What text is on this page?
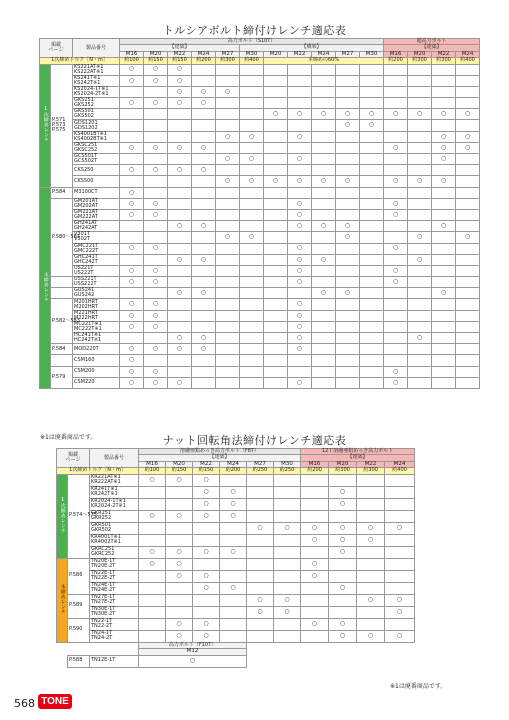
トルシアボルト締付けレンチ適応表
掲載
ページ		製品番号	高力ボルト（S10T）											超高力ボルト			
			【建築】					【橋梁】						【建築】			
			M16	M20	M22	M24	M27	M30	M20	M22	M24	M27	M30	M16	M20	M22	M24
1次締めトルク［N・m］			約100	約150	約150	約200	約300	約400	本締めの60%					約200	約300	約300	約400
1次締めレンチ	P.571
P.573
P.575	KS221AT※1
KS222AT※1	○	○	○												
		KS241T※1
KS242T※1	○	○	○												
		KS2024-1T※1
KS2024-2T※1			○	○	○										
		GKS251
GKS252	○	○	○	○											
		GKS501
GKS502							○	○	○	○	○	○	○	○	○
		GDS1201
GDS1202										○	○				
		KS4001BT※1
KS4002BT※1					○	○		○						○	○
		GKSC251
GKSC252	○	○	○	○								○		○	○
		GCS501T
GCS502T					○	○		○						○	
		CKS250	○	○	○	○											
		CKS500					○	○	○	○	○	○		○	○	○	
本締めレンチ	P.584	M3100CT	○														
	P.580〜581	GM201AT
GM202AT	○	○						○				○			
		GM221AT
GM222AT	○	○						○				○			
		GH241AT
GH242AT			○	○				○	○	○				○	
		V301T
V302T					○	○				○			○		○
		GMC221T
GMC222T	○	○						○				○			
		GHC241T
GHC242T			○	○				○	○				○		
		US221T
US222T	○	○						○				○			
		USS221T
USS222T	○	○						○				○			
		GUS241
GUS242			○	○					○	○				○	
	P.582〜583	M201HRT
M202HRT	○	○						○							
		M221HRT
M222HRT	○	○						○							
		MC221T※1
MC222T※1	○	○						○							
		HC241T※1
HC242T※1			○	○				○					○		
	P.584	MOD220T	○	○	○	○				○							
		CSM160	○														
	P.579	CSM200	○	○										○			
		CSM220	○	○	○					○				○			
※1は廃番商品です。	ナット回転角法締付けレンチ適応表
掲載
ページ		製品番号	溶融亜鉛めっき高力ボルト（F8T）						12Ｔ溶融亜鉛めっき高力ボルト			
			【建築】						【建築】			
			M16	M20	M22	M24	M27	M30	M16	M20	M22	M24
1次締めトルク［N・m］			約100	約150	約150	約200	約250	約250	約200	約300	約300	約400
1次締めレンチ	P.574〜575	KR221AT※1
KR222AT※1	○	○	○							
		KR241T※1
KR242T※1			○	○				○		
		KR2024-1T※1
KR2024-2T※1			○	○				○		
		GKR251
GKR252	○	○	○	○						
		GKR501
GKR502					○	○	○	○	○	○
		KR4001T※1
KR4002T※1							○	○	○	
		GKRC251
GKRC252	○	○	○	○				○		
本締めレンチ	P.586	TN20E-1T
TN20E-2T	○	○					○			
		TN22E-1T
TN22E-2T		○	○				○			
		TN24E-1T
TN24E-2T			○	○				○		
	P.589	TN27E-1T
TN27E-2T					○	○			○	○
		TN30E-1T
TN30E-2T					○	○				○
	P.590	TN22-1T
TN22-2T		○	○				○	○		
		TN24-1T
TN24-2T		○	○					○	○	○
			高力ボルト（F10T）									
			M12									
	P.588	TN12E-1T	○									
※1は廃番商品です。
568 TONE
